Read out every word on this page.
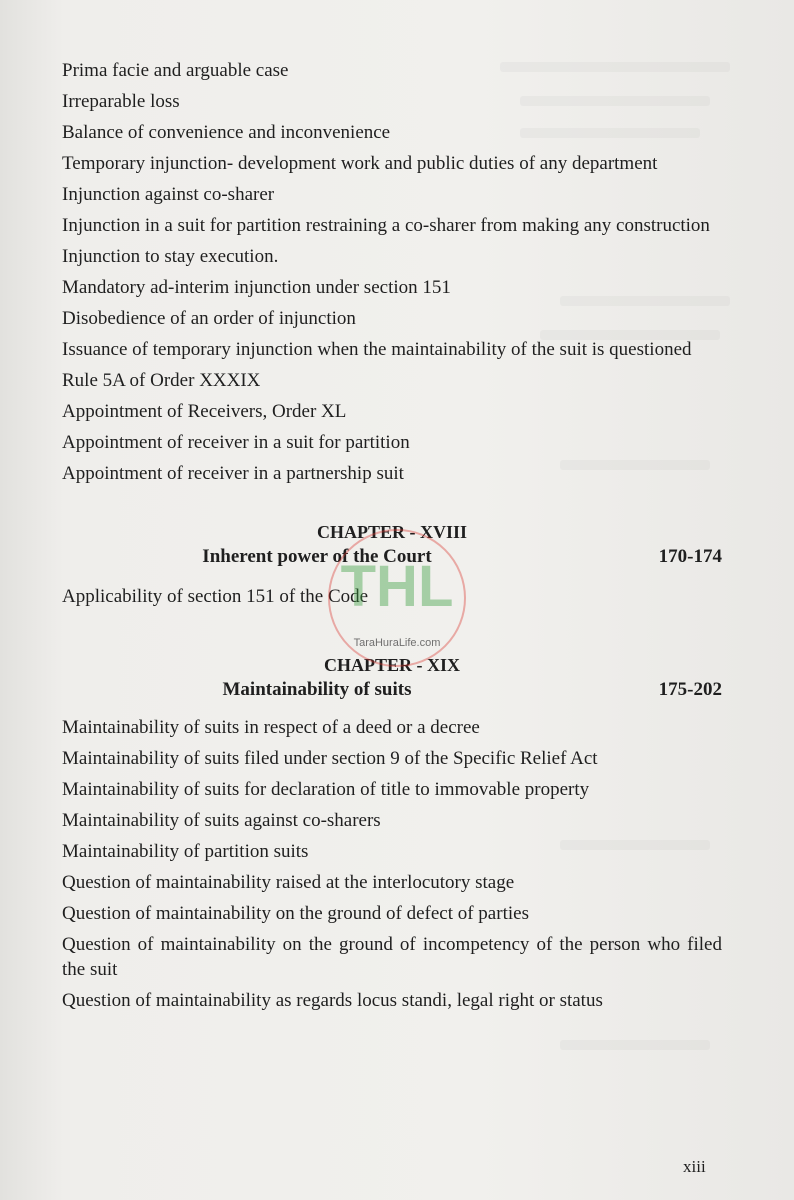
Prima facie and arguable case
Irreparable loss
Balance of convenience and inconvenience
Temporary injunction- development work and public duties of any department
Injunction against co-sharer
Injunction in a suit for partition restraining a co-sharer from making any construction
Injunction to stay execution.
Mandatory ad-interim injunction under section 151
Disobedience of an order of injunction
Issuance of temporary injunction when the maintainability of the suit is questioned
Rule 5A of Order XXXIX
Appointment of Receivers, Order XL
Appointment of receiver in a suit for partition
Appointment of receiver in a partnership suit
CHAPTER - XVIII
Inherent power of the Court	170-174
Applicability of section 151 of the Code
CHAPTER - XIX
Maintainability of suits	175-202
Maintainability of suits in respect of a deed or a decree
Maintainability of suits filed under section 9 of the Specific Relief Act
Maintainability of suits for declaration of title to immovable property
Maintainability of suits against co-sharers
Maintainability of partition suits
Question of maintainability raised at the interlocutory stage
Question of maintainability on the ground of defect of parties
Question of maintainability on the ground of incompetency of the person who filed the suit
Question of maintainability as regards locus standi, legal right or status
THL
TaraHuraLife.com
xiii
